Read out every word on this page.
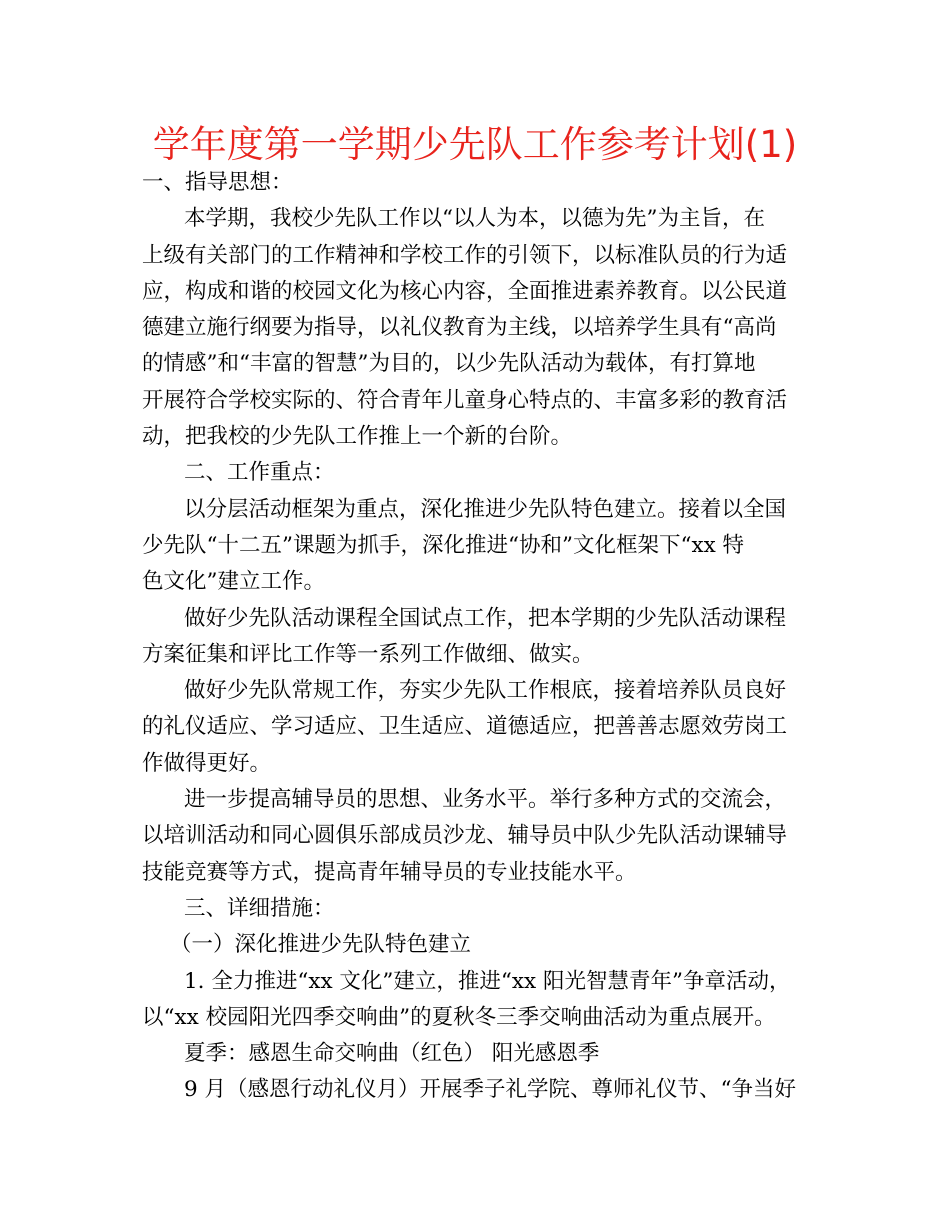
学年度第一学期少先队工作参考计划(1)
一、指导思想：
本学期，我校少先队工作以“以人为本，以德为先”为主旨，在
上级有关部门的工作精神和学校工作的引领下，以标准队员的行为适
应，构成和谐的校园文化为核心内容，全面推进素养教育。以公民道
德建立施行纲要为指导，以礼仪教育为主线，以培养学生具有“高尚
的情感”和“丰富的智慧”为目的，以少先队活动为载体，有打算地
开展符合学校实际的、符合青年儿童身心特点的、丰富多彩的教育活
动，把我校的少先队工作推上一个新的台阶。
二、工作重点：
以分层活动框架为重点，深化推进少先队特色建立。接着以全国
少先队“十二五”课题为抓手，深化推进“协和”文化框架下“xx 特
色文化”建立工作。
做好少先队活动课程全国试点工作，把本学期的少先队活动课程
方案征集和评比工作等一系列工作做细、做实。
做好少先队常规工作，夯实少先队工作根底，接着培养队员良好
的礼仪适应、学习适应、卫生适应、道德适应，把善善志愿效劳岗工
作做得更好。
进一步提高辅导员的思想、业务水平。举行多种方式的交流会，
以培训活动和同心圆俱乐部成员沙龙、辅导员中队少先队活动课辅导
技能竞赛等方式，提高青年辅导员的专业技能水平。
三、详细措施：
（一）深化推进少先队特色建立
1. 全力推进“xx 文化”建立，推进“xx 阳光智慧青年”争章活动，
以“xx 校园阳光四季交响曲”的夏秋冬三季交响曲活动为重点展开。
夏季：感恩生命交响曲（红色） 阳光感恩季
9 月（感恩行动礼仪月）开展季子礼学院、尊师礼仪节、“争当好
